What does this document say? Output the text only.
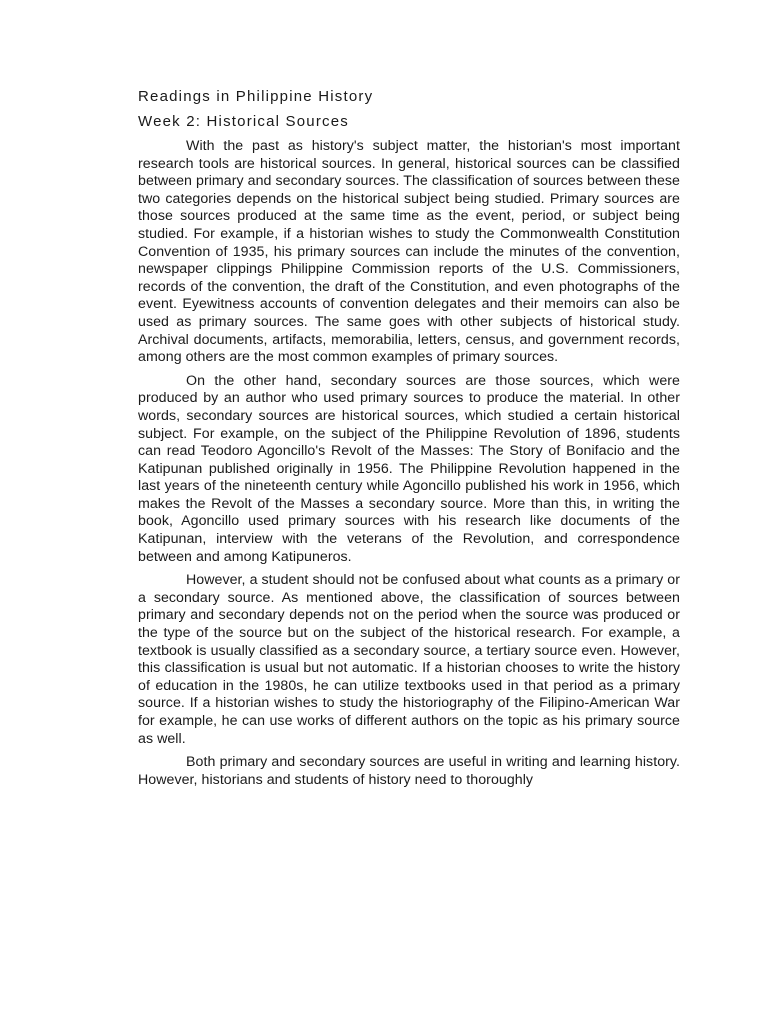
Readings in Philippine History
Week 2: Historical Sources

With the past as history's subject matter, the historian's most important research tools are historical sources. In general, historical sources can be classified between primary and secondary sources. The classification of sources between these two categories depends on the historical subject being studied. Primary sources are those sources produced at the same time as the event, period, or subject being studied. For example, if a historian wishes to study the Commonwealth Constitution Convention of 1935, his primary sources can include the minutes of the convention, newspaper clippings Philippine Commission reports of the U.S. Commissioners, records of the convention, the draft of the Constitution, and even photographs of the event. Eyewitness accounts of convention delegates and their memoirs can also be used as primary sources. The same goes with other subjects of historical study. Archival documents, artifacts, memorabilia, letters, census, and government records, among others are the most common examples of primary sources.

On the other hand, secondary sources are those sources, which were produced by an author who used primary sources to produce the material. In other words, secondary sources are historical sources, which studied a certain historical subject. For example, on the subject of the Philippine Revolution of 1896, students can read Teodoro Agoncillo's Revolt of the Masses: The Story of Bonifacio and the Katipunan published originally in 1956. The Philippine Revolution happened in the last years of the nineteenth century while Agoncillo published his work in 1956, which makes the Revolt of the Masses a secondary source. More than this, in writing the book, Agoncillo used primary sources with his research like documents of the Katipunan, interview with the veterans of the Revolution, and correspondence between and among Katipuneros.

However, a student should not be confused about what counts as a primary or a secondary source. As mentioned above, the classification of sources between primary and secondary depends not on the period when the source was produced or the type of the source but on the subject of the historical research. For example, a textbook is usually classified as a secondary source, a tertiary source even. However, this classification is usual but not automatic. If a historian chooses to write the history of education in the 1980s, he can utilize textbooks used in that period as a primary source. If a historian wishes to study the historiography of the Filipino-American War for example, he can use works of different authors on the topic as his primary source as well.

Both primary and secondary sources are useful in writing and learning history. However, historians and students of history need to thoroughly
